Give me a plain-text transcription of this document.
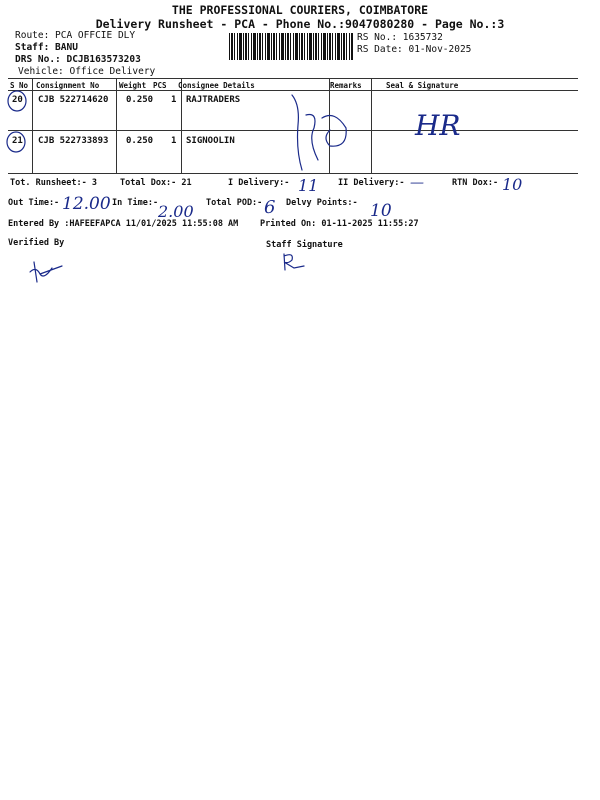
THE PROFESSIONAL COURIERS, COIMBATORE
Delivery Runsheet - PCA - Phone No.:9047080280 - Page No.:3
Route: PCA OFFCIE DLY
Staff: BANU
DRS No.: DCJB163573203
Vehicle: Office Delivery
RS No.: 1635732
RS Date: 01-Nov-2025
S No Consignment No	Weight PCS Consignee Details	Remarks	Seal & Signature
20 CJB 522714620 0.250 1 RAJTRADERS
21 CJB 522733893 0.250 1 SIGNOOLIN
Tot. Runsheet:- 3	Total Dox:- 21	I Delivery:-	II Delivery:-	RTN Dox:-
Out Time:-	In Time:-	Total POD:-	Delvy Points:-
Entered By :HAFEEFAPCA 11/01/2025 11:55:08 AM	Printed On: 01-11-2025 11:55:27
Verified By	Staff Signature
HR
11	—	10
12.00	2.00	6	10
